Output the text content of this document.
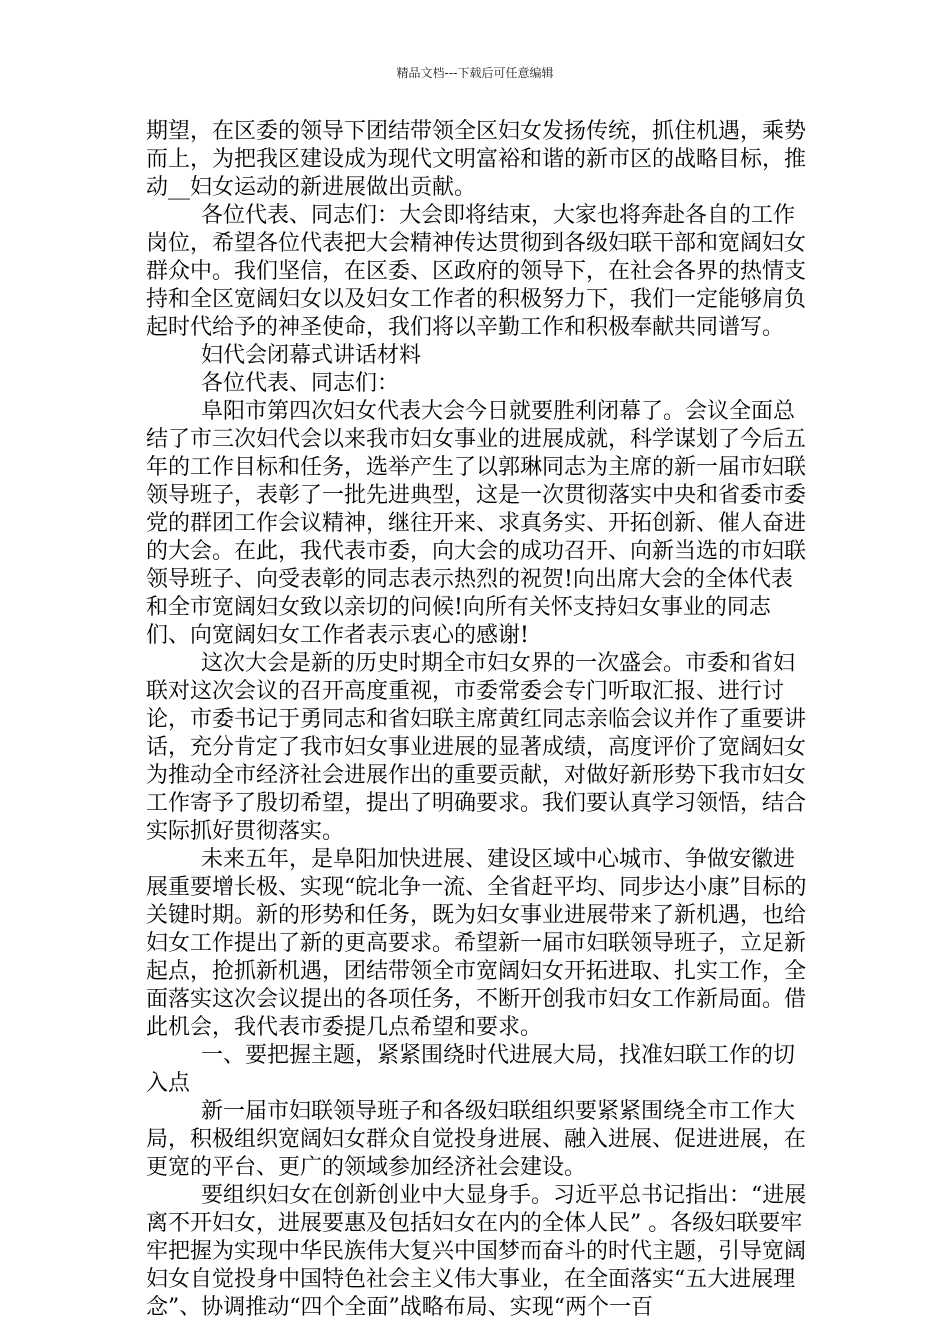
精品文档---下载后可任意编辑

期望，在区委的领导下团结带领全区妇女发扬传统，抓住机遇，乘势而上，为把我区建设成为现代文明富裕和谐的新市区的战略目标，推动__妇女运动的新进展做出贡献。

各位代表、同志们：大会即将结束，大家也将奔赴各自的工作岗位，希望各位代表把大会精神传达贯彻到各级妇联干部和宽阔妇女群众中。我们坚信，在区委、区政府的领导下，在社会各界的热情支持和全区宽阔妇女以及妇女工作者的积极努力下，我们一定能够肩负起时代给予的神圣使命，我们将以辛勤工作和积极奉献共同谱写。

妇代会闭幕式讲话材料

各位代表、同志们：

阜阳市第四次妇女代表大会今日就要胜利闭幕了。会议全面总结了市三次妇代会以来我市妇女事业的进展成就，科学谋划了今后五年的工作目标和任务，选举产生了以郭琳同志为主席的新一届市妇联领导班子，表彰了一批先进典型，这是一次贯彻落实中央和省委市委党的群团工作会议精神，继往开来、求真务实、开拓创新、催人奋进的大会。在此，我代表市委，向大会的成功召开、向新当选的市妇联领导班子、向受表彰的同志表示热烈的祝贺!向出席大会的全体代表和全市宽阔妇女致以亲切的问候!向所有关怀支持妇女事业的同志们、向宽阔妇女工作者表示衷心的感谢!

这次大会是新的历史时期全市妇女界的一次盛会。市委和省妇联对这次会议的召开高度重视，市委常委会专门听取汇报、进行讨论，市委书记于勇同志和省妇联主席黄红同志亲临会议并作了重要讲话，充分肯定了我市妇女事业进展的显著成绩，高度评价了宽阔妇女为推动全市经济社会进展作出的重要贡献，对做好新形势下我市妇女工作寄予了殷切希望，提出了明确要求。我们要认真学习领悟，结合实际抓好贯彻落实。

未来五年，是阜阳加快进展、建设区域中心城市、争做安徽进展重要增长极、实现“皖北争一流、全省赶平均、同步达小康”目标的关键时期。新的形势和任务，既为妇女事业进展带来了新机遇，也给妇女工作提出了新的更高要求。希望新一届市妇联领导班子，立足新起点，抢抓新机遇，团结带领全市宽阔妇女开拓进取、扎实工作，全面落实这次会议提出的各项任务，不断开创我市妇女工作新局面。借此机会，我代表市委提几点希望和要求。

一、要把握主题，紧紧围绕时代进展大局，找准妇联工作的切入点

新一届市妇联领导班子和各级妇联组织要紧紧围绕全市工作大局，积极组织宽阔妇女群众自觉投身进展、融入进展、促进进展，在更宽的平台、更广的领域参加经济社会建设。

要组织妇女在创新创业中大显身手。习近平总书记指出：“进展离不开妇女，进展要惠及包括妇女在内的全体人民” 。各级妇联要牢牢把握为实现中华民族伟大复兴中国梦而奋斗的时代主题，引导宽阔妇女自觉投身中国特色社会主义伟大事业，在全面落实“五大进展理念”、协调推动“四个全面”战略布局、实现“两个一百
